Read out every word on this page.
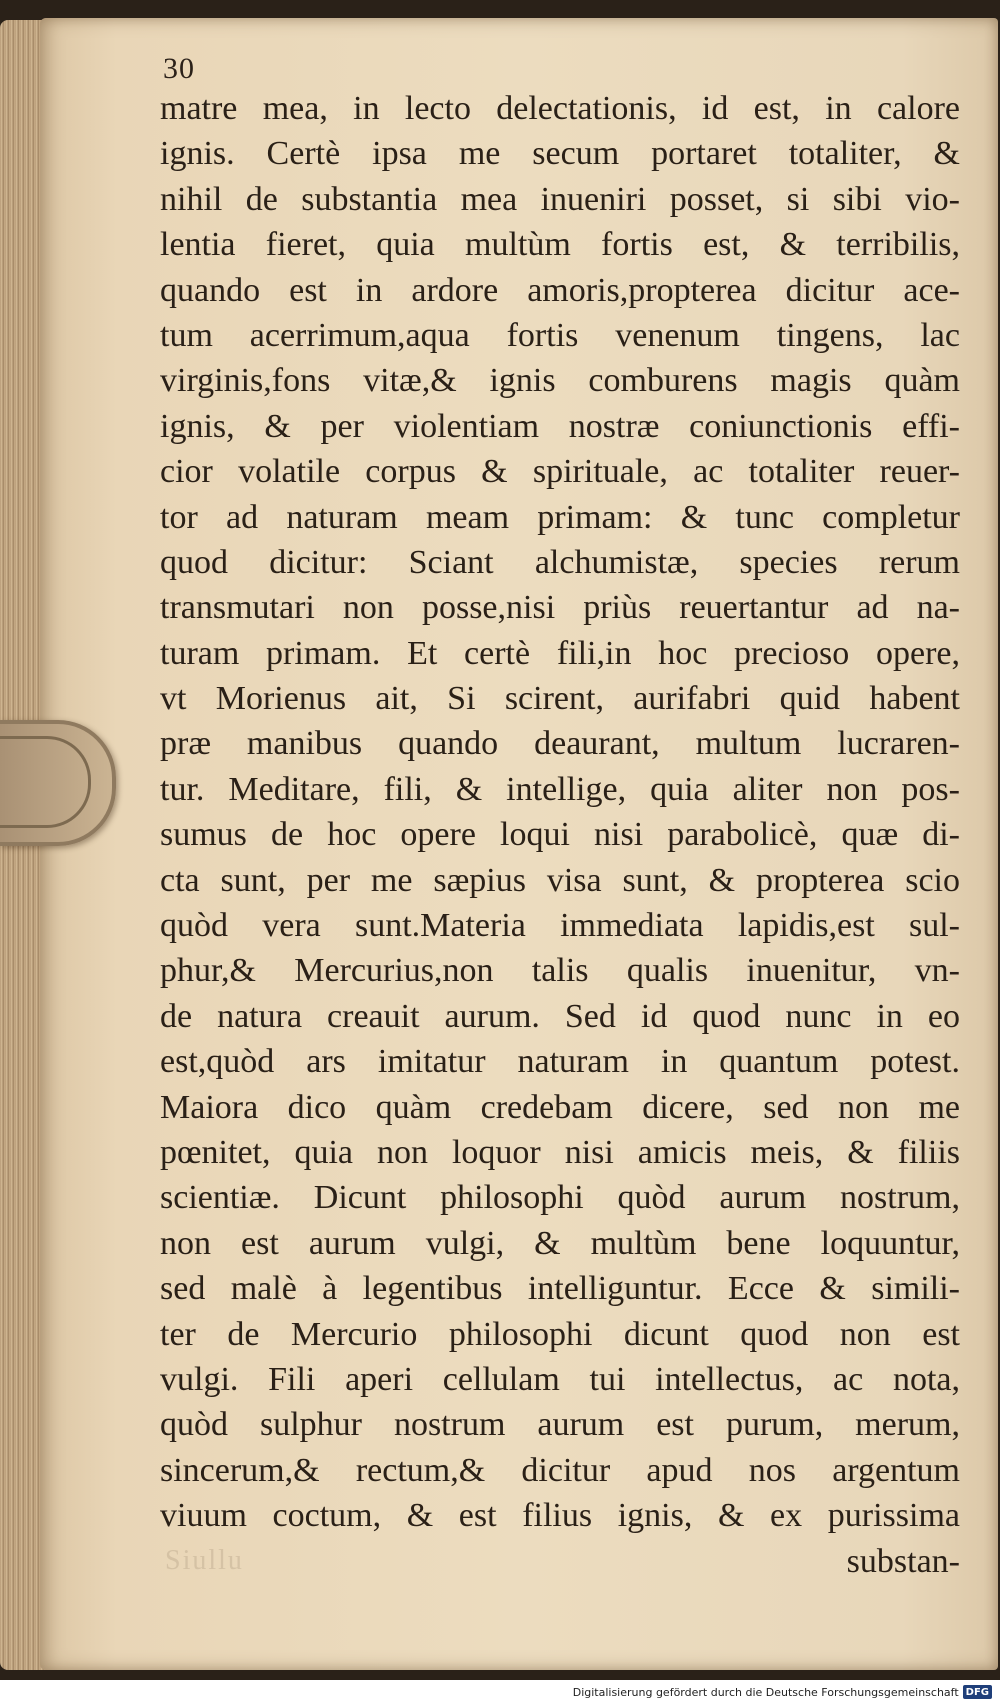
30
matre mea, in lecto delectationis, id est, in calore
ignis. Certè ipsa me secum portaret totaliter, &
nihil de substantia mea inueniri posset, si sibi vio-
lentia fieret, quia multùm fortis est, & terribilis,
quando est in ardore amoris,propterea dicitur ace-
tum acerrimum,aqua fortis venenum tingens, lac
virginis,fons vitæ,& ignis comburens magis quàm
ignis, & per violentiam nostræ coniunctionis effi-
cior volatile corpus & spirituale, ac totaliter reuer-
tor ad naturam meam primam: & tunc completur
quod dicitur: Sciant alchumistæ, species rerum
transmutari non posse,nisi priùs reuertantur ad na-
turam primam. Et certè fili,in hoc precioso opere,
vt Morienus ait, Si scirent, aurifabri quid habent
præ manibus quando deaurant, multum lucraren-
tur. Meditare, fili, & intellige, quia aliter non pos-
sumus de hoc opere loqui nisi parabolicè, quæ di-
cta sunt, per me sæpius visa sunt, & propterea scio
quòd vera sunt.Materia immediata lapidis,est sul-
phur,& Mercurius,non talis qualis inuenitur, vn-
de natura creauit aurum. Sed id quod nunc in eo
est,quòd ars imitatur naturam in quantum potest.
Maiora dico quàm credebam dicere, sed non me
pœnitet, quia non loquor nisi amicis meis, & filiis
scientiæ. Dicunt philosophi quòd aurum nostrum,
non est aurum vulgi, & multùm bene loquuntur,
sed malè à legentibus intelliguntur. Ecce & simili-
ter de Mercurio philosophi dicunt quod non est
vulgi. Fili aperi cellulam tui intellectus, ac nota,
quòd sulphur nostrum aurum est purum, merum,
sincerum,& rectum,& dicitur apud nos argentum
viuum coctum, & est filius ignis, & ex purissima
substan-
Siullu
Digitalisierung gefördert durch die Deutsche Forschungsgemeinschaft DFG
